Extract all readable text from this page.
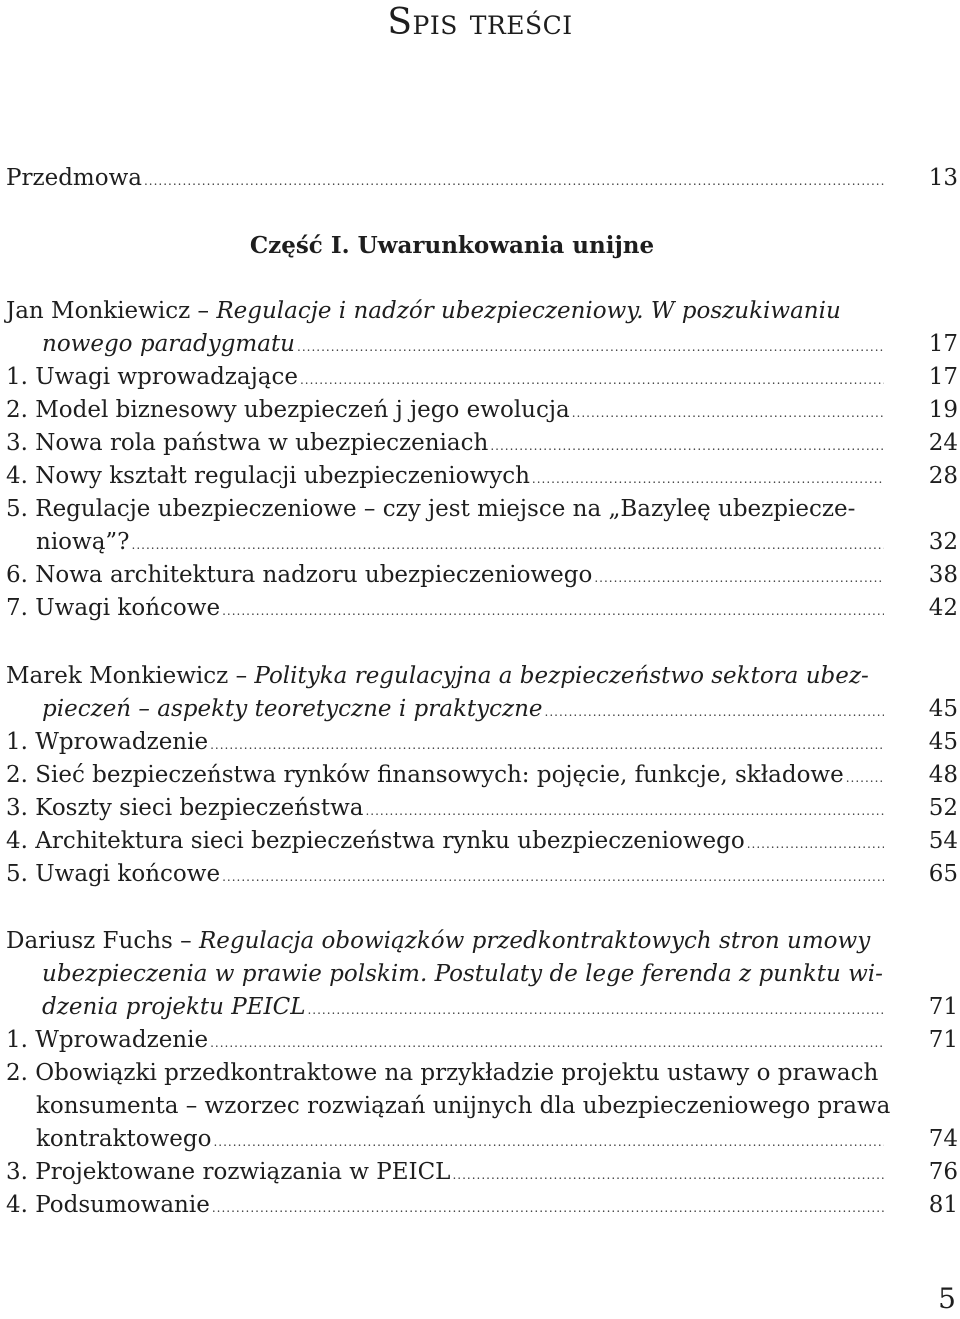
Spis treści
Przedmowa .....	13
Część I. Uwarunkowania unijne
Jan Monkiewicz – Regulacje i nadzór ubezpieczeniowy. W poszukiwaniu
nowego paradygmatu .....	17
1. Uwagi wprowadzające .....	17
2. Model biznesowy ubezpieczeń j jego ewolucja .....	19
3. Nowa rola państwa w ubezpieczeniach .....	24
4. Nowy kształt regulacji ubezpieczeniowych .....	28
5. Regulacje ubezpieczeniowe – czy jest miejsce na „Bazyleę ubezpiecze-
niową”? .....	32
6. Nowa architektura nadzoru ubezpieczeniowego .....	38
7. Uwagi końcowe .....	42
Marek Monkiewicz – Polityka regulacyjna a bezpieczeństwo sektora ubez-
pieczeń – aspekty teoretyczne i praktyczne .....	45
1. Wprowadzenie .....	45
2. Sieć bezpieczeństwa rynków finansowych: pojęcie, funkcje, składowe .....	48
3. Koszty sieci bezpieczeństwa .....	52
4. Architektura sieci bezpieczeństwa rynku ubezpieczeniowego .....	54
5. Uwagi końcowe .....	65
Dariusz Fuchs – Regulacja obowiązków przedkontraktowych stron umowy
ubezpieczenia w prawie polskim. Postulaty de lege ferenda z punktu wi-
dzenia projektu PEICL .....	71
1. Wprowadzenie .....	71
2. Obowiązki przedkontraktowe na przykładzie projektu ustawy o prawach
konsumenta – wzorzec rozwiązań unijnych dla ubezpieczeniowego prawa
kontraktowego .....	74
3. Projektowane rozwiązania w PEICL .....	76
4. Podsumowanie .....	81
5
